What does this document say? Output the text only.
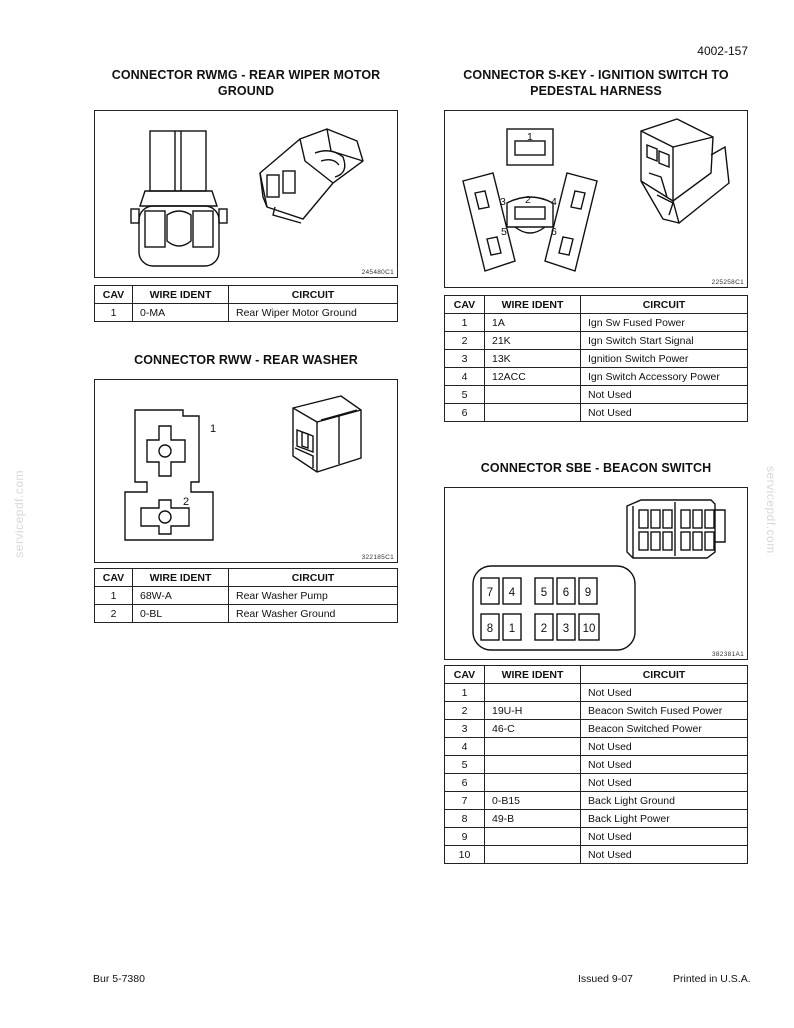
4002-157
servicepdf.com	servicepdf.com
CONNECTOR RWMG - REAR WIPER MOTOR
GROUND
245480C1
CAV	WIRE IDENT	CIRCUIT
1	0-MA	Rear Wiper Motor Ground
CONNECTOR RWW - REAR WASHER
1
2
322185C1
CAV	WIRE IDENT	CIRCUIT
1	68W-A	Rear Washer Pump
2	0-BL	Rear Washer Ground
CONNECTOR S-KEY - IGNITION SWITCH TO
PEDESTAL HARNESS
1
2
3	4
5	6
225258C1
CAV	WIRE IDENT	CIRCUIT
1	1A	Ign Sw Fused Power
2	21K	Ign Switch Start Signal
3	13K	Ignition Switch Power
4	12ACC	Ign Switch Accessory Power
5		Not Used
6		Not Used
CONNECTOR SBE - BEACON SWITCH
7 4 5 6 9
8 1 2 3 10
382381A1
CAV	WIRE IDENT	CIRCUIT
1		Not Used
2	19U-H	Beacon Switch Fused Power
3	46-C	Beacon Switched Power
4		Not Used
5		Not Used
6		Not Used
7	0-B15	Back Light Ground
8	49-B	Back Light Power
9		Not Used
10		Not Used
Bur 5-7380	Issued 9-07	Printed in U.S.A.
